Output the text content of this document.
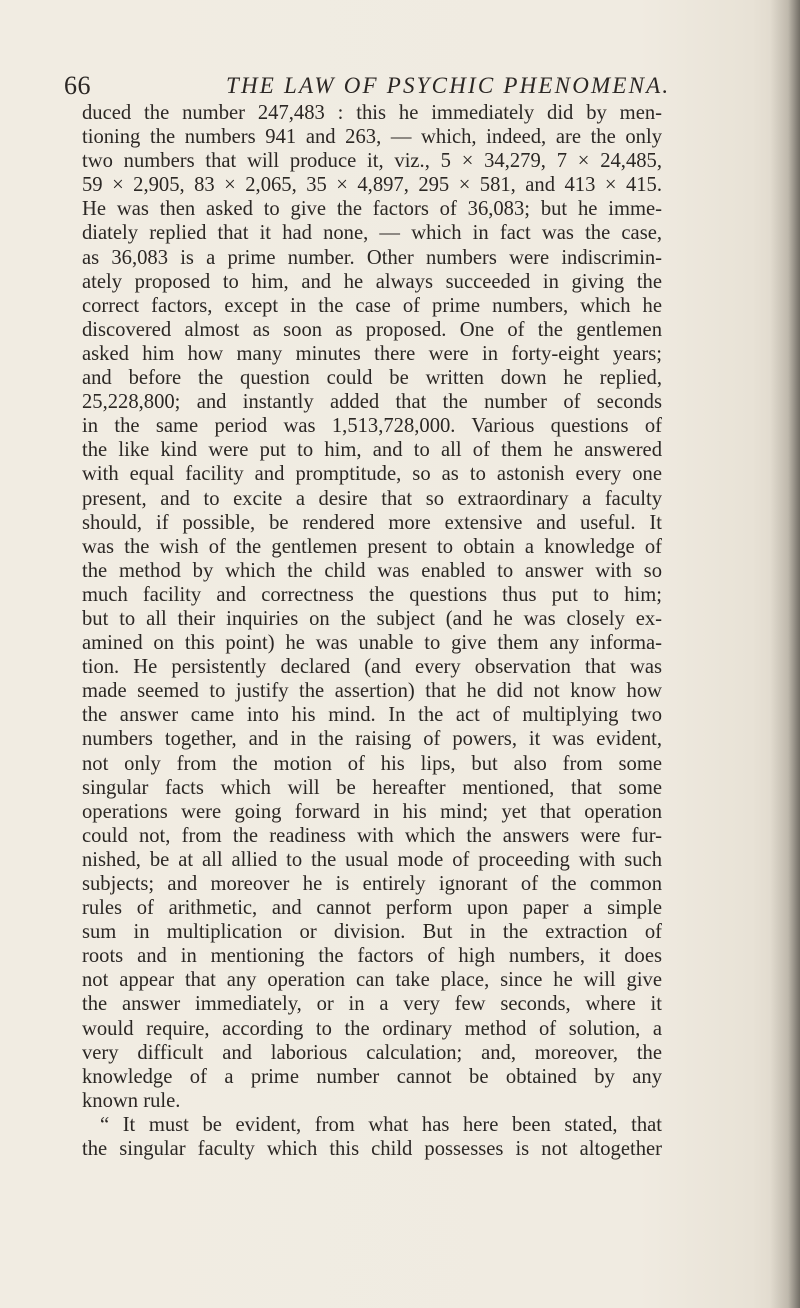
66	THE LAW OF PSYCHIC PHENOMENA.
duced the number 247,483 : this he immediately did by men-
tioning the numbers 941 and 263, — which, indeed, are the only
two numbers that will produce it, viz., 5 × 34,279, 7 × 24,485,
59 × 2,905, 83 × 2,065, 35 × 4,897, 295 × 581, and 413 × 415.
He was then asked to give the factors of 36,083; but he imme-
diately replied that it had none, — which in fact was the case,
as 36,083 is a prime number. Other numbers were indiscrimin-
ately proposed to him, and he always succeeded in giving the
correct factors, except in the case of prime numbers, which he
discovered almost as soon as proposed. One of the gentlemen
asked him how many minutes there were in forty-eight years;
and before the question could be written down he replied,
25,228,800; and instantly added that the number of seconds
in the same period was 1,513,728,000. Various questions of
the like kind were put to him, and to all of them he answered
with equal facility and promptitude, so as to astonish every one
present, and to excite a desire that so extraordinary a faculty
should, if possible, be rendered more extensive and useful. It
was the wish of the gentlemen present to obtain a knowledge of
the method by which the child was enabled to answer with so
much facility and correctness the questions thus put to him;
but to all their inquiries on the subject (and he was closely ex-
amined on this point) he was unable to give them any informa-
tion. He persistently declared (and every observation that was
made seemed to justify the assertion) that he did not know how
the answer came into his mind. In the act of multiplying two
numbers together, and in the raising of powers, it was evident,
not only from the motion of his lips, but also from some
singular facts which will be hereafter mentioned, that some
operations were going forward in his mind; yet that operation
could not, from the readiness with which the answers were fur-
nished, be at all allied to the usual mode of proceeding with such
subjects; and moreover he is entirely ignorant of the common
rules of arithmetic, and cannot perform upon paper a simple
sum in multiplication or division. But in the extraction of
roots and in mentioning the factors of high numbers, it does
not appear that any operation can take place, since he will give
the answer immediately, or in a very few seconds, where it
would require, according to the ordinary method of solution, a
very difficult and laborious calculation; and, moreover, the
knowledge of a prime number cannot be obtained by any
known rule.
“ It must be evident, from what has here been stated, that
the singular faculty which this child possesses is not altogether
